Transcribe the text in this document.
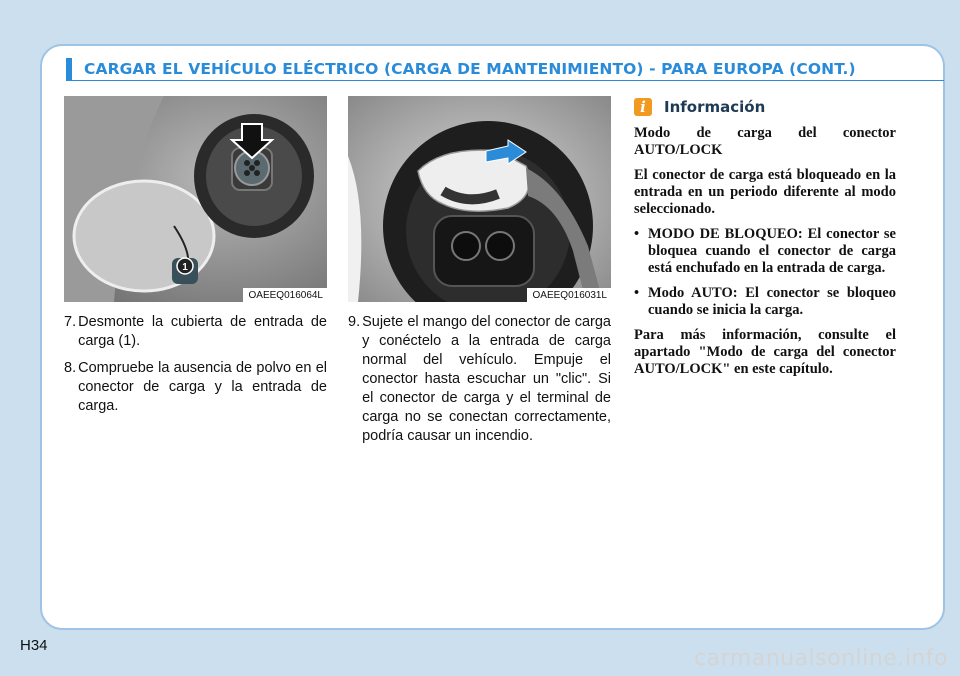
CARGAR EL VEHÍCULO ELÉCTRICO (CARGA DE MANTENIMIENTO) - PARA EUROPA (CONT.)
1
OAEEQ016064L	OAEEQ016031L
7. Desmonte la cubierta de entrada de carga (1).
8. Compruebe la ausencia de polvo en el conector de carga y la entrada de carga.
9. Sujete el mango del conector de carga y conéctelo a la entrada de carga normal del vehículo. Empuje el conector hasta escuchar un "clic". Si el conector de carga y el terminal de carga no se conectan correctamente, podría causar un incendio.
i	Información

Modo de carga del conector AUTO/LOCK

El conector de carga está bloqueado en la entrada en un periodo diferente al modo seleccionado.

• MODO DE BLOQUEO: El conector se bloquea cuando el conector de carga está enchufado en la entrada de carga.
• Modo AUTO: El conector se bloqueo cuando se inicia la carga.

Para más información, consulte el apartado "Modo de carga del conector AUTO/LOCK" en este capítulo.

H34
carmanualsonline.info
